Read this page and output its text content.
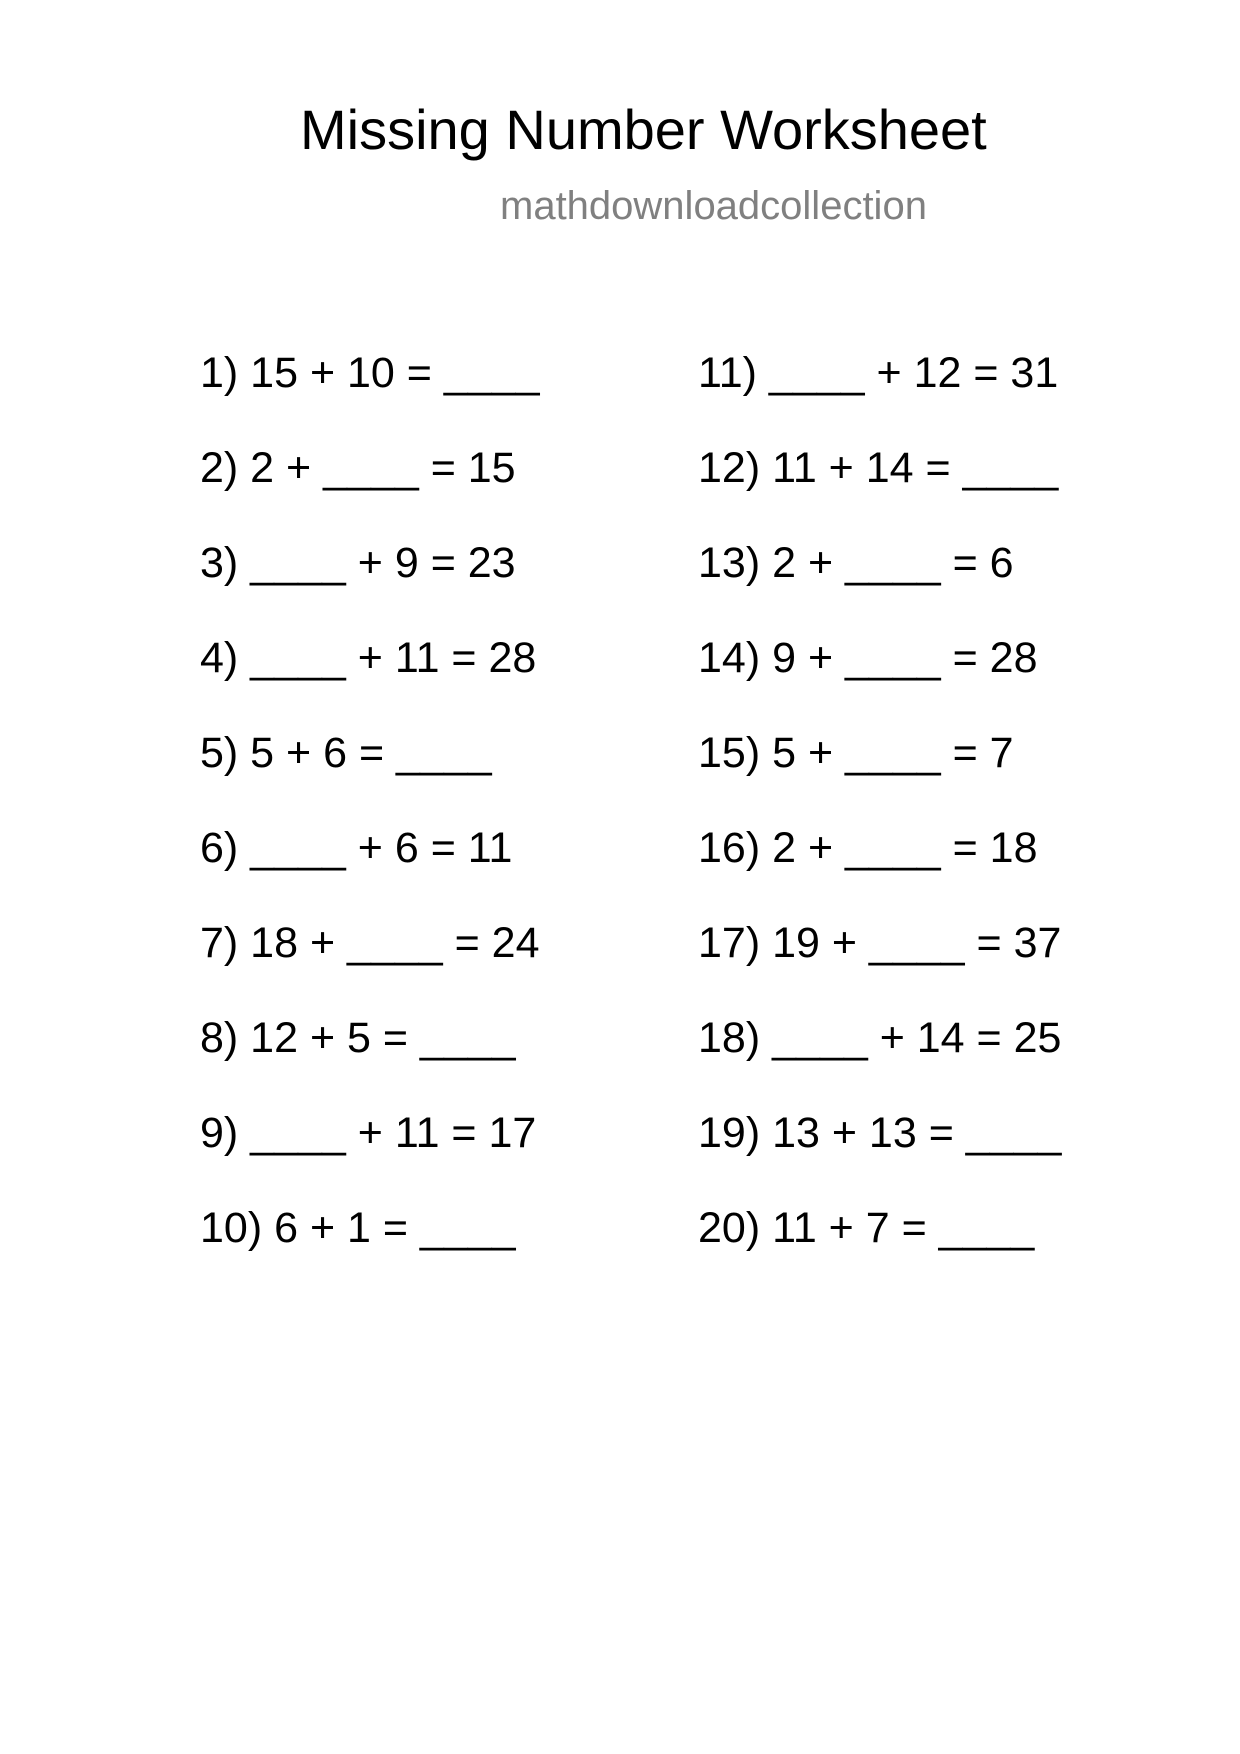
Missing Number Worksheet
mathdownloadcollection
1) 15 + 10 = ____
2) 2 + ____ = 15
3) ____ + 9 = 23
4) ____ + 11 = 28
5) 5 + 6 = ____
6) ____ + 6 = 11
7) 18 + ____ = 24
8) 12 + 5 = ____
9) ____ + 11 = 17
10) 6 + 1 = ____
11) ____ + 12 = 31
12) 11 + 14 = ____
13) 2 + ____ = 6
14) 9 + ____ = 28
15) 5 + ____ = 7
16) 2 + ____ = 18
17) 19 + ____ = 37
18) ____ + 14 = 25
19) 13 + 13 = ____
20) 11 + 7 = ____
